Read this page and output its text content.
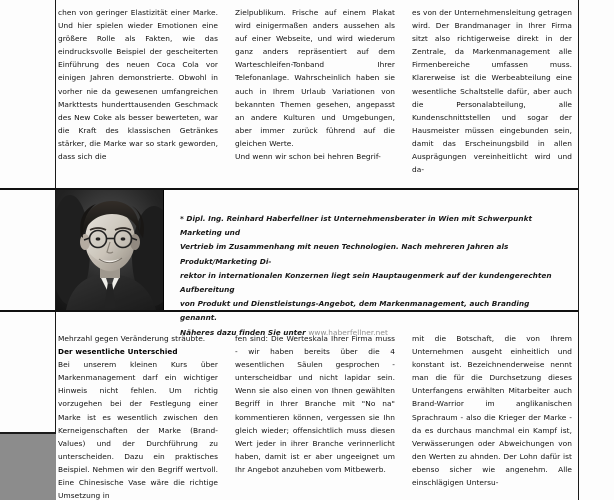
chen von geringer Elastizität einer Marke. Und hier spielen wieder Emotionen eine größere Rolle als Fakten, wie das eindrucksvolle Beispiel der gescheiterten Einführung des neuen Coca Cola vor einigen Jahren demonstrierte. Obwohl in vorher nie da gewesenen umfangreichen Markttests hunderttausenden Geschmack des New Coke als besser bewerteten, war die Kraft des klassischen Getränkes stärker, die Marke war so stark geworden, dass sich die

Zielpublikum. Frische auf einem Plakat wird einigermaßen anders aussehen als auf einer Webseite, und wird wiederum ganz anders repräsentiert auf dem Warteschleifen-Tonband Ihrer Telefonanlage. Wahrscheinlich haben sie auch in Ihrem Urlaub Variationen von bekannten Themen gesehen, angepasst an andere Kulturen und Umgebungen, aber immer zurück führend auf die gleichen Werte.

Und wenn wir schon bei hehren Begrif-

es von der Unternehmensleitung getragen wird. Der Brandmanager in Ihrer Firma sitzt also richtigerweise direkt in der Zentrale, da Markenmanagement alle Firmenbereiche umfassen muss. Klarerweise ist die Werbeabteilung eine wesentliche Schaltstelle dafür, aber auch die Personalabteilung, alle Kundenschnittstellen und sogar der Hausmeister müssen eingebunden sein, damit das Erscheinungsbild in allen Ausprägungen vereinheitlicht wird und da-

* Dipl. Ing. Reinhard Haberfellner ist Unternehmensberater in Wien mit Schwerpunkt Marketing und

Vertrieb im Zusammenhang mit neuen Technologien. Nach mehreren Jahren als Produkt/Marketing Di-

rektor in internationalen Konzernen liegt sein Hauptaugenmerk auf der kundengerechten Aufbereitung

von Produkt und Dienstleistungs-Angebot, dem Markenmanagement, auch Branding genannt.

Näheres dazu finden Sie unter www.haberfellner.net

Mehrzahl gegen Veränderung sträubte.

Der wesentliche Unterschied

Bei unserem kleinen Kurs über Markenmanagement darf ein wichtiger Hinweis nicht fehlen. Um richtig vorzugehen bei der Festlegung einer Marke ist es wesentlich zwischen den Kerneigenschaften der Marke (Brand-Values) und der Durchführung zu unterscheiden. Dazu ein praktisches Beispiel. Nehmen wir den Begriff wertvoll. Eine Chinesische Vase wäre die richtige Umsetzung in

fen sind: Die Werteskala Ihrer Firma muss - wir haben bereits über die 4 wesentlichen Säulen gesprochen - unterscheidbar und nicht lapidar sein. Wenn sie also einen von Ihnen gewählten Begriff in Ihrer Branche mit "No na" kommentieren können, vergessen sie Ihn gleich wieder; offensichtlich muss diesen Wert jeder in ihrer Branche verinnerlicht haben, damit ist er aber ungeeignet um Ihr Angebot anzuheben vom Mitbewerb.

mit die Botschaft, die von Ihrem Unternehmen ausgeht einheitlich und konstant ist. Bezeichnenderweise nennt man die für die Durchsetzung dieses Unterfangens erwählten Mitarbeiter auch Brand-Warrior im anglikanischen Sprachraum - also die Krieger der Marke - da es durchaus manchmal ein Kampf ist, Verwässerungen oder Abweichungen von den Werten zu ahnden. Der Lohn dafür ist ebenso sicher wie angenehm. Alle einschlägigen Untersu-
